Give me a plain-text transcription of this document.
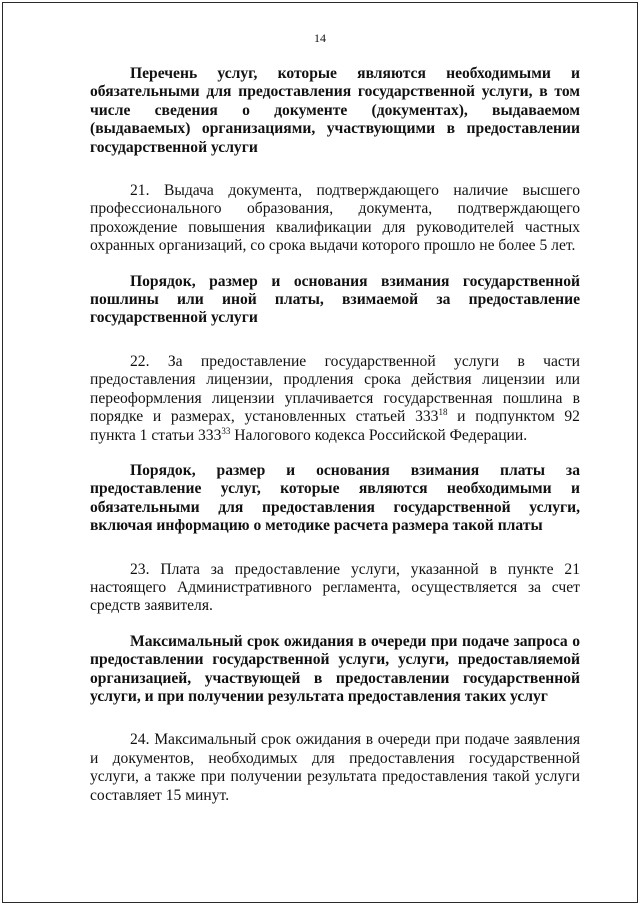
14

Перечень услуг, которые являются необходимыми и обязательными для предоставления государственной услуги, в том числе сведения о документе (документах), выдаваемом (выдаваемых) организациями, участвующими в предоставлении государственной услуги

21. Выдача документа, подтверждающего наличие высшего профессионального образования, документа, подтверждающего прохождение повышения квалификации для руководителей частных охранных организаций, со срока выдачи которого прошло не более 5 лет.

Порядок, размер и основания взимания государственной пошлины или иной платы, взимаемой за предоставление государственной услуги

22. За предоставление государственной услуги в части предоставления лицензии, продления срока действия лицензии или переоформления лицензии уплачивается государственная пошлина в порядке и размерах, установленных статьей $333^{18}$ и подпунктом 92 пункта 1 статьи $333^{33}$ Налогового кодекса Российской Федерации.

Порядок, размер и основания взимания платы за предоставление услуг, которые являются необходимыми и обязательными для предоставления государственной услуги, включая информацию о методике расчета размера такой платы

23. Плата за предоставление услуги, указанной в пункте 21 настоящего Административного регламента, осуществляется за счет средств заявителя.

Максимальный срок ожидания в очереди при подаче запроса о предоставлении государственной услуги, услуги, предоставляемой организацией, участвующей в предоставлении государственной услуги, и при получении результата предоставления таких услуг

24. Максимальный срок ожидания в очереди при подаче заявления и документов, необходимых для предоставления государственной услуги, а также при получении результата предоставления такой услуги составляет 15 минут.
